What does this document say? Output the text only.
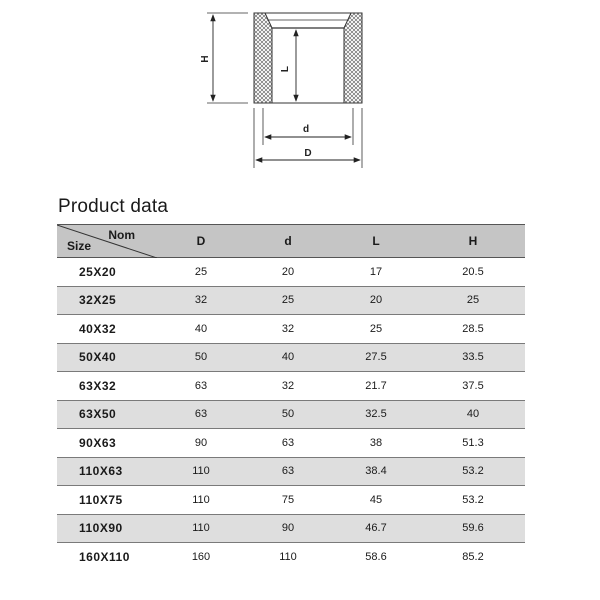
H
L
d
D
Product data
Nom
Size	D	d	L	H
25X20	25	20	17	20.5
32X25	32	25	20	25
40X32	40	32	25	28.5
50X40	50	40	27.5	33.5
63X32	63	32	21.7	37.5
63X50	63	50	32.5	40
90X63	90	63	38	51.3
110X63	110	63	38.4	53.2
110X75	110	75	45	53.2
110X90	110	90	46.7	59.6
160X110	160	110	58.6	85.2
